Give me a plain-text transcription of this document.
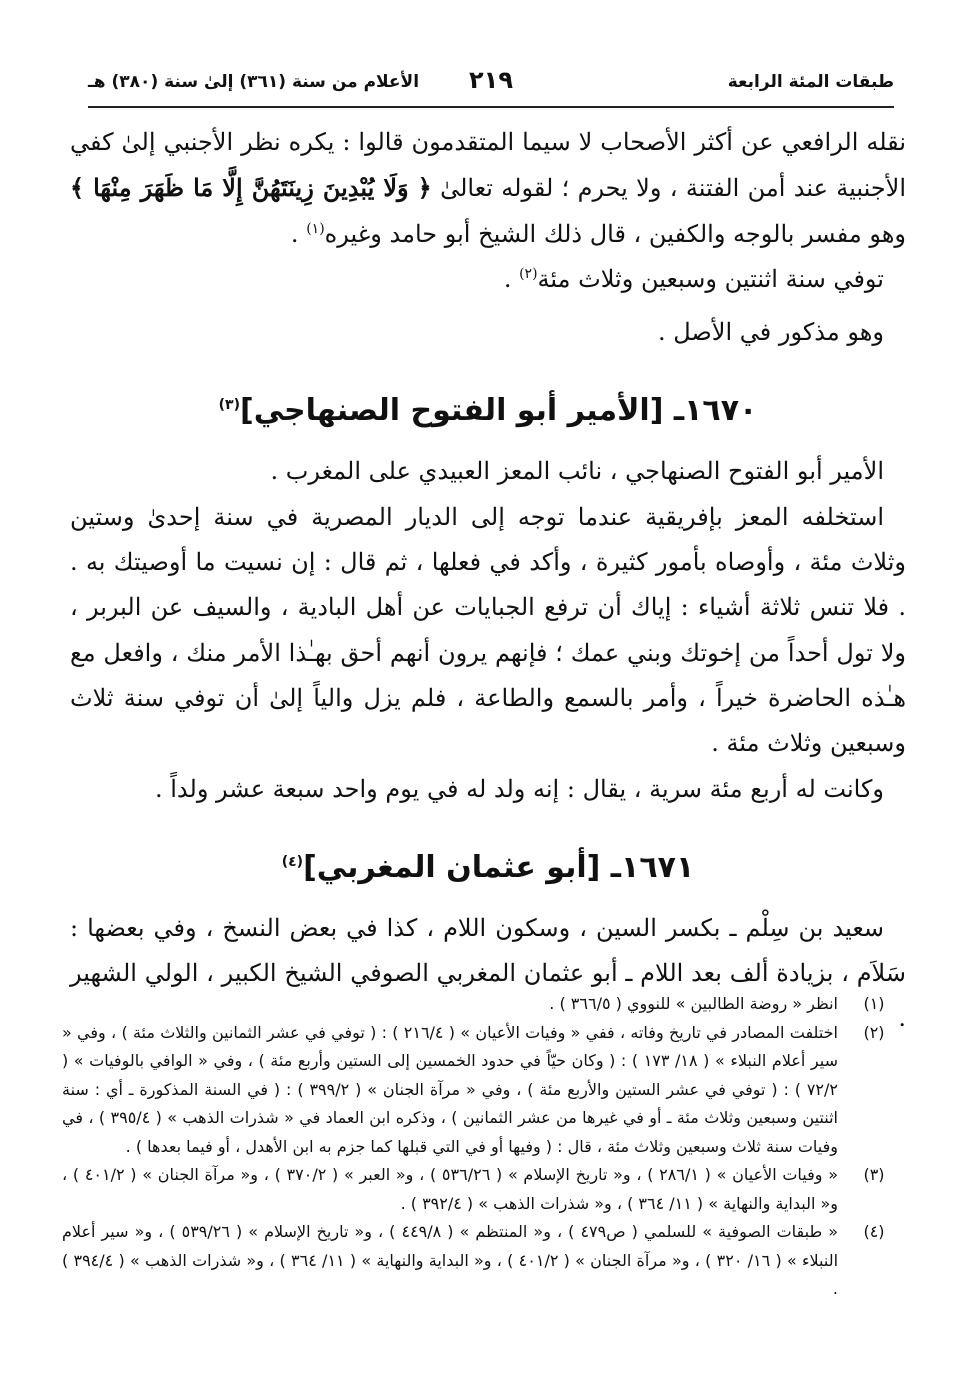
طبقات المئة الرابعة
٢١٩
الأعلام من سنة (٣٦١) إلىٰ سنة (٣٨٠) هـ

نقله الرافعي عن أكثر الأصحاب لا سيما المتقدمون قالوا : يكره نظر الأجنبي إلىٰ كفي الأجنبية عند أمن الفتنة ، ولا يحرم ؛ لقوله تعالىٰ ﴿ وَلَا يُبْدِينَ زِينَتَهُنَّ إِلَّا مَا ظَهَرَ مِنْهَا ﴾ وهو مفسر بالوجه والكفين ، قال ذلك الشيخ أبو حامد وغيره$^{(١)}$ .

توفي سنة اثنتين وسبعين وثلاث مئة$^{(٢)}$ .

وهو مذكور في الأصل .

١٦٧٠ـ [الأمير أبو الفتوح الصنهاجي]$^{(٣)}$

الأمير أبو الفتوح الصنهاجي ، نائب المعز العبيدي على المغرب .

استخلفه المعز بإفريقية عندما توجه إلى الديار المصرية في سنة إحدىٰ وستين وثلاث مئة ، وأوصاه بأمور كثيرة ، وأكد في فعلها ، ثم قال : إن نسيت ما أوصيتك به . . فلا تنس ثلاثة أشياء : إياك أن ترفع الجبايات عن أهل البادية ، والسيف عن البربر ، ولا تول أحداً من إخوتك وبني عمك ؛ فإنهم يرون أنهم أحق بهـٰذا الأمر منك ، وافعل مع هـٰذه الحاضرة خيراً ، وأمر بالسمع والطاعة ، فلم يزل والياً إلىٰ أن توفي سنة ثلاث وسبعين وثلاث مئة .

وكانت له أربع مئة سرية ، يقال : إنه ولد له في يوم واحد سبعة عشر ولداً .

١٦٧١ـ [أبو عثمان المغربي]$^{(٤)}$

سعيد بن سِلْم ـ بكسر السين ، وسكون اللام ، كذا في بعض النسخ ، وفي بعضها : سَلاَم ، بزيادة ألف بعد اللام ـ أبو عثمان المغربي الصوفي الشيخ الكبير ، الولي الشهير .

(١)
انظر « روضة الطالبين » للنووي ( ٣٦٦/٥ ) .
(٢)
اختلفت المصادر في تاريخ وفاته ، ففي « وفيات الأعيان » ( ٢١٦/٤ ) : ( توفي في عشر الثمانين والثلاث مئة ) ، وفي « سير أعلام النبلاء » ( ١٨/ ١٧٣ ) : ( وكان حيّاً في حدود الخمسين إلى الستين وأربع مئة ) ، وفي « الوافي بالوفيات » ( ٧٢/٢ ) : ( توفي في عشر الستين والأربع مئة ) ، وفي « مرآة الجنان » ( ٣٩٩/٢ ) : ( في السنة المذكورة ـ أي : سنة اثنتين وسبعين وثلاث مئة ـ أو في غيرها من عشر الثمانين ) ، وذكره ابن العماد في « شذرات الذهب » ( ٣٩٥/٤ ) ، في وفيات سنة ثلاث وسبعين وثلاث مئة ، قال : ( وفيها أو في التي قبلها كما جزم به ابن الأهدل ، أو فيما بعدها ) .
(٣)
« وفيات الأعيان » ( ٢٨٦/١ ) ، و« تاريخ الإسلام » ( ٥٣٦/٢٦ ) ، و« العبر » ( ٣٧٠/٢ ) ، و« مرآة الجنان » ( ٤٠١/٢ ) ، و« البداية والنهاية » ( ١١/ ٣٦٤ ) ، و« شذرات الذهب » ( ٣٩٢/٤ ) .
(٤)
« طبقات الصوفية » للسلمي ( ص٤٧٩ ) ، و« المنتظم » ( ٤٤٩/٨ ) ، و« تاريخ الإسلام » ( ٥٣٩/٢٦ ) ، و« سير أعلام النبلاء » ( ١٦/ ٣٢٠ ) ، و« مرآة الجنان » ( ٤٠١/٢ ) ، و« البداية والنهاية » ( ١١/ ٣٦٤ ) ، و« شذرات الذهب » ( ٣٩٤/٤ ) .
